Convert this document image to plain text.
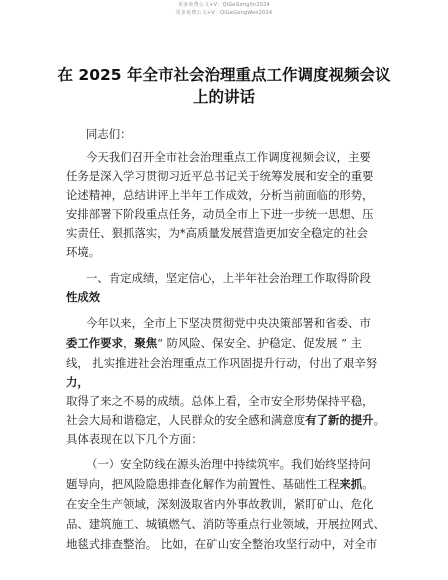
更多免费公文+V：QiGeGong0n2024
更多免费公文+V：QiGeGongWen2024
在 2025 年全市社会治理重点工作调度视频会议
上的讲话
同志们：
今天我们召开全市社会治理重点工作调度视频会议，主要
任务是深入学习贯彻习近平总书记关于统筹发展和安全的重要
论述精神，总结讲评上半年工作成效，分析当前面临的形势，
安排部署下阶段重点任务，动员全市上下进一步统一思想、压
实责任、狠抓落实，为*高质量发展营造更加安全稳定的社会
环境。
一、肯定成绩，坚定信心，上半年社会治理工作取得阶段
性成效
今年以来，全市上下坚决贯彻党中央决策部署和省委、市
委工作要求，聚焦“ 防风险、保安全、护稳定、促发展 ” 主
线， 扎实推进社会治理重点工作巩固提升行动，付出了艰辛努
力，
取得了来之不易的成绩。总体上看，全市安全形势保持平稳，
社会大局和谐稳定，人民群众的安全感和满意度有了新的提升。
具体表现在以下几个方面：
（一）安全防线在源头治理中持续筑牢。我们始终坚持问
题导向，把风险隐患排查化解作为前置性、基础性工程来抓。
在安全生产领域，深刻汲取省内外事故教训，紧盯矿山、危化
品、建筑施工、城镇燃气、消防等重点行业领域，开展拉网式、
地毯式排查整治。 比如，在矿山安全整治攻坚行动中，对全市
